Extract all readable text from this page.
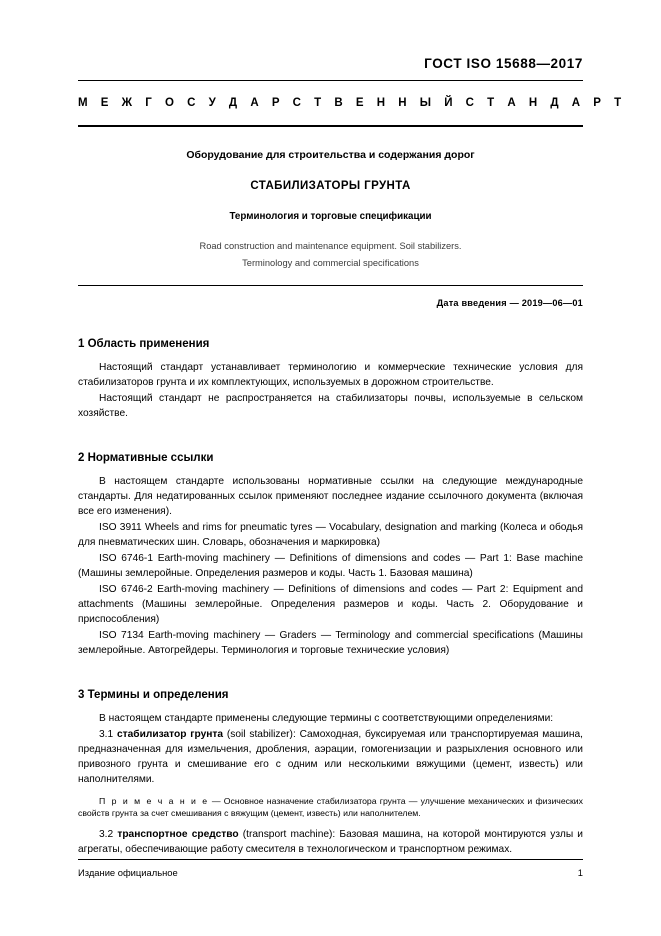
ГОСТ ISO 15688—2017
М Е Ж Г О С У Д А Р С Т В Е Н Н Ы Й С Т А Н Д А Р Т
Оборудование для строительства и содержания дорог
СТАБИЛИЗАТОРЫ ГРУНТА
Терминология и торговые спецификации
Road construction and maintenance equipment. Soil stabilizers.
Terminology and commercial specifications
Дата введения — 2019—06—01
1 Область применения

Настоящий стандарт устанавливает терминологию и коммерческие технические условия для стабилизаторов грунта и их комплектующих, используемых в дорожном строительстве.

Настоящий стандарт не распространяется на стабилизаторы почвы, используемые в сельском хозяйстве.

2 Нормативные ссылки

В настоящем стандарте использованы нормативные ссылки на следующие международные стандарты. Для недатированных ссылок применяют последнее издание ссылочного документа (включая все его изменения).

ISO 3911 Wheels and rims for pneumatic tyres — Vocabulary, designation and marking (Колеса и ободья для пневматических шин. Словарь, обозначения и маркировка)

ISO 6746-1 Earth-moving machinery — Definitions of dimensions and codes — Part 1: Base machine (Машины землеройные. Определения размеров и коды. Часть 1. Базовая машина)

ISO 6746-2 Earth-moving machinery — Definitions of dimensions and codes — Part 2: Equipment and attachments (Машины землеройные. Определения размеров и коды. Часть 2. Оборудование и приспособления)

ISO 7134 Earth-moving machinery — Graders — Terminology and commercial specifications (Машины землеройные. Автогрейдеры. Терминология и торговые технические условия)

3 Термины и определения

В настоящем стандарте применены следующие термины с соответствующими определениями:

3.1 стабилизатор грунта (soil stabilizer): Самоходная, буксируемая или транспортируемая машина, предназначенная для измельчения, дробления, аэрации, гомогенизации и разрыхления основного или привозного грунта и смешивание его с одним или несколькими вяжущими (цемент, известь) или наполнителями.

П р и м е ч а н и е — Основное назначение стабилизатора грунта — улучшение механических и физических свойств грунта за счет смешивания с вяжущим (цемент, известь) или наполнителем.

3.2 транспортное средство (transport machine): Базовая машина, на которой монтируются узлы и агрегаты, обеспечивающие работу смесителя в технологическом и транспортном режимах.

Издание официальное	1
